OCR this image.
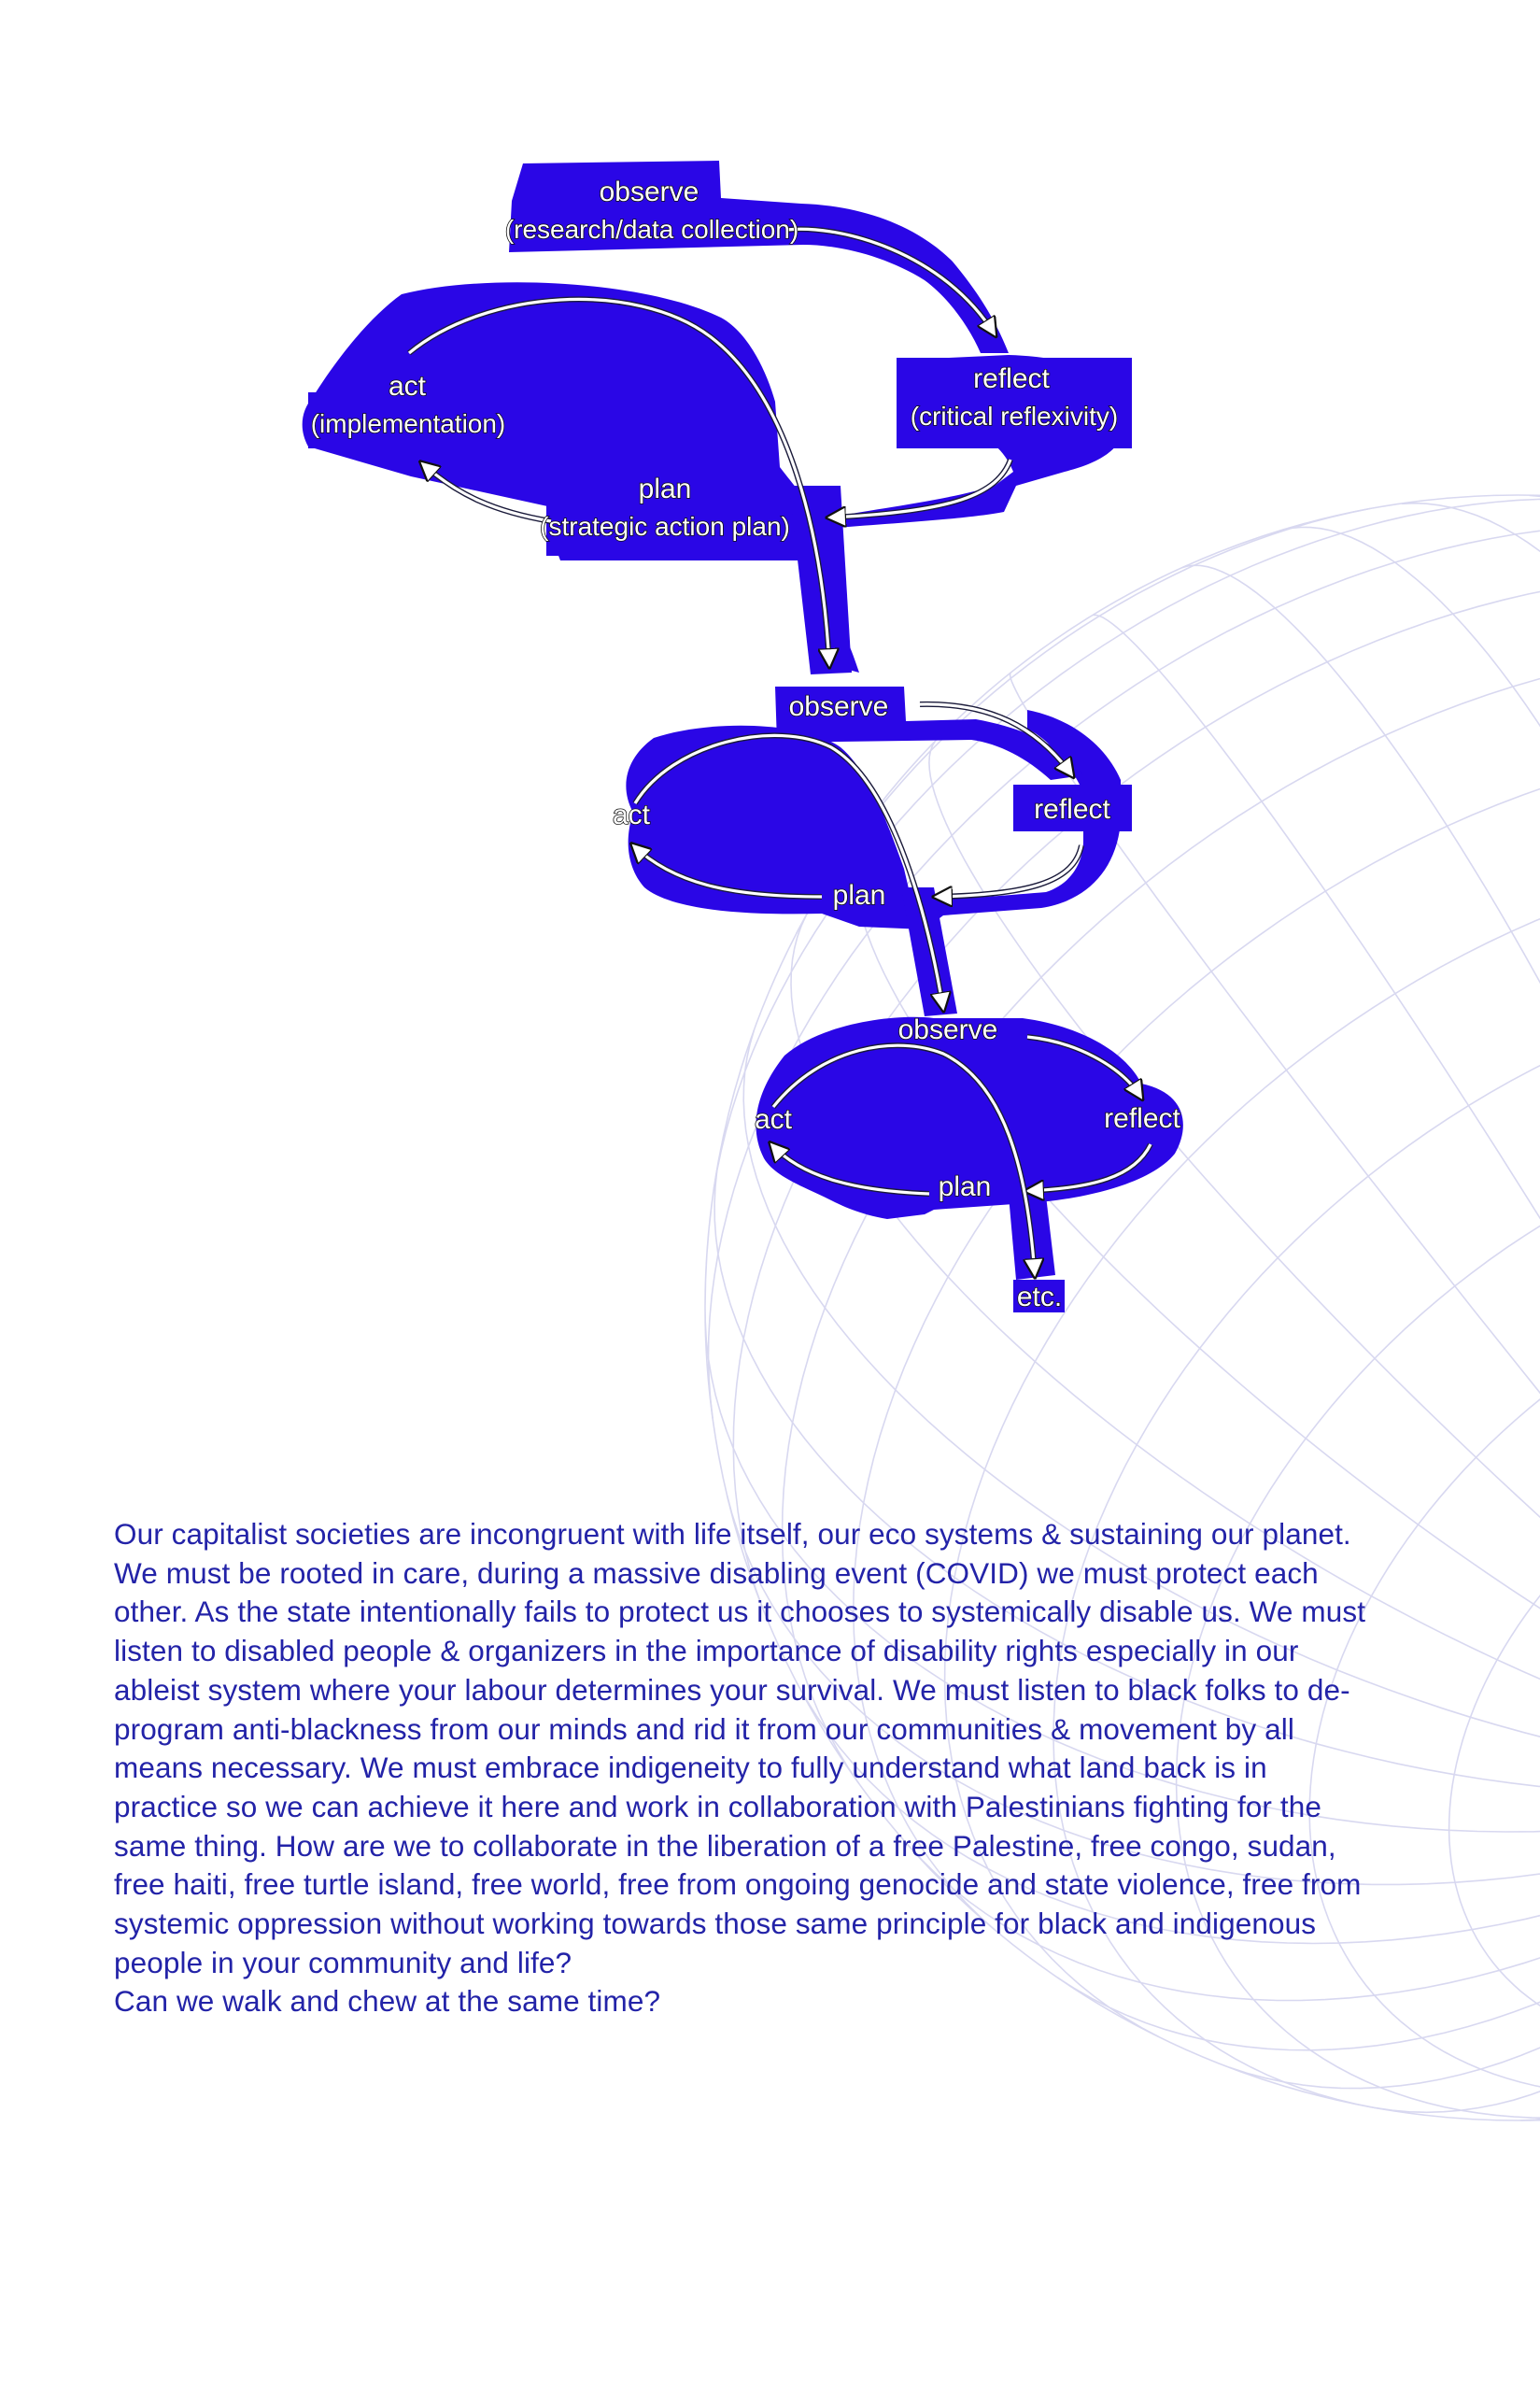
observe
(research/data collection)
reflect
(critical reflexivity)
plan
(strategic action plan)
act
(implementation)
observe
reflect
plan
act
observe
reflect
plan
act
etc.
Our capitalist societies are incongruent with life itself, our eco systems & sustaining our planet.
We must be rooted in care, during a massive disabling event (COVID) we must protect each
other. As the state intentionally fails to protect us it chooses to systemically disable us. We must
listen to disabled people & organizers in the importance of disability rights especially in our
ableist system where your labour determines your survival. We must listen to black folks to de-
program anti-blackness from our minds and rid it from our communities & movement by all
means necessary. We must embrace indigeneity to fully understand what land back is in
practice so we can achieve it here and work in collaboration with Palestinians fighting for the
same thing. How are we to collaborate in the liberation of a free Palestine, free congo, sudan,
free haiti, free turtle island, free world, free from ongoing genocide and state violence, free from
systemic oppression without working towards those same principle for black and indigenous
people in your community and life?
Can we walk and chew at the same time?
